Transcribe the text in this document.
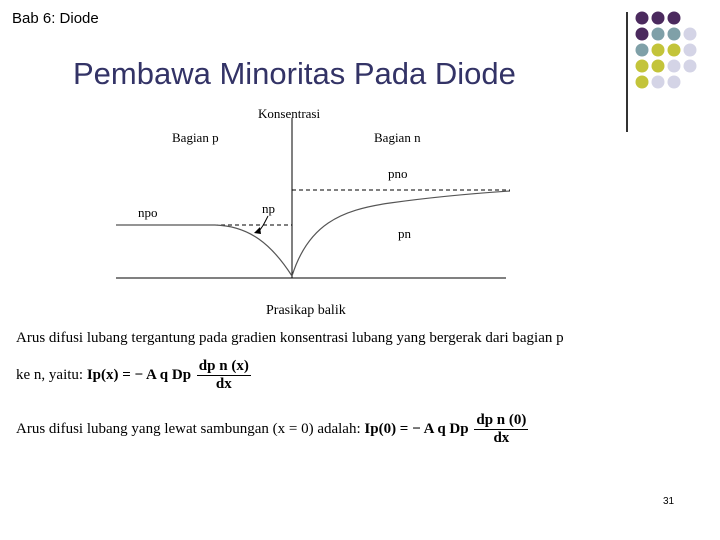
Bab 6: Diode
Pembawa Minoritas Pada Diode
Konsentrasi
Bagian p	Bagian n
pno
npo	np
pn
Prasikap balik
Arus difusi lubang tergantung pada gradien konsentrasi lubang yang bergerak dari bagian p
ke n, yaitu: Ip(x) = − A q Dp $\frac{\text{dp n (x)}}{dx}$
Arus difusi lubang yang lewat sambungan (x = 0) adalah: Ip(0) = − A q Dp $\frac{\text{dp n (0)}}{dx}$
31
